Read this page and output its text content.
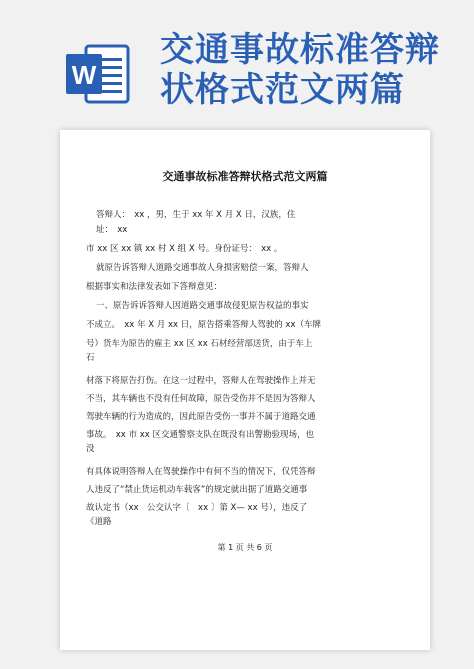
W
交通事故标准答辩
状格式范文两篇
交通事故标准答辩状格式范文两篇
答辩人：　xx ，男，生于 xx 年 X 月 X 日，汉族，住
址：　xx
市 xx 区 xx 镇 xx 村 X 组 X 号。身份证号：　xx 。
就原告诉答辩人道路交通事故人身损害赔偿一案，答辩人
根据事实和法律发表如下答辩意见：
一、原告诉诉答辩人因道路交通事故侵犯原告权益的事实
不成立。　xx 年 X 月 xx 日，原告搭乘答辩人驾驶的 xx（车牌
号）货车为原告的雇主 xx 区 xx 石材经营部送货，由于车上
石
材落下将原告打伤。在这一过程中，答辩人在驾驶操作上并无
不当，其车辆也不没有任何故障，原告受伤并不是因为答辩人
驾驶车辆的行为造成的，因此原告受伤一事并不属于道路交通
事故。　xx 市 xx 区交通警察支队在既没有出警勘验现场，也
没
有具体说明答辩人在驾驶操作中有何不当的情况下，仅凭答辩
人违反了“禁止货运机动车载客”的规定就出据了道路交通事
故认定书（xx　公交认字〔　xx 〕第 X— xx 号），违反了
《道路
第 1 页 共 6 页
